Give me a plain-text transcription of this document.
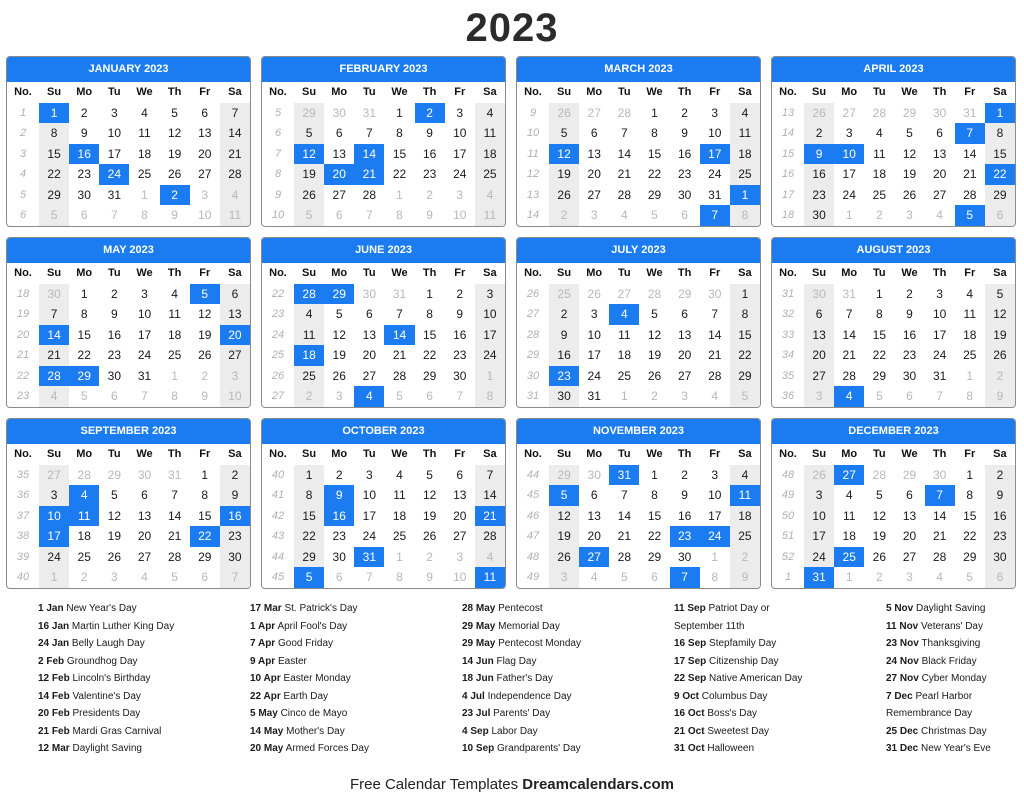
2023
JANUARY 2023
No.	Su	Mo	Tu	We	Th	Fr	Sa
1	1	2	3	4	5	6	7
2	8	9	10	11	12	13	14
3	15	16	17	18	19	20	21
4	22	23	24	25	26	27	28
5	29	30	31	1	2	3	4
6	5	6	7	8	9	10	11
FEBRUARY 2023
No.	Su	Mo	Tu	We	Th	Fr	Sa
5	29	30	31	1	2	3	4
6	5	6	7	8	9	10	11
7	12	13	14	15	16	17	18
8	19	20	21	22	23	24	25
9	26	27	28	1	2	3	4
10	5	6	7	8	9	10	11
MARCH 2023
No.	Su	Mo	Tu	We	Th	Fr	Sa
9	26	27	28	1	2	3	4
10	5	6	7	8	9	10	11
11	12	13	14	15	16	17	18
12	19	20	21	22	23	24	25
13	26	27	28	29	30	31	1
14	2	3	4	5	6	7	8
APRIL 2023
No.	Su	Mo	Tu	We	Th	Fr	Sa
13	26	27	28	29	30	31	1
14	2	3	4	5	6	7	8
15	9	10	11	12	13	14	15
16	16	17	18	19	20	21	22
17	23	24	25	26	27	28	29
18	30	1	2	3	4	5	6
MAY 2023
No.	Su	Mo	Tu	We	Th	Fr	Sa
18	30	1	2	3	4	5	6
19	7	8	9	10	11	12	13
20	14	15	16	17	18	19	20
21	21	22	23	24	25	26	27
22	28	29	30	31	1	2	3
23	4	5	6	7	8	9	10
JUNE 2023
No.	Su	Mo	Tu	We	Th	Fr	Sa
22	28	29	30	31	1	2	3
23	4	5	6	7	8	9	10
24	11	12	13	14	15	16	17
25	18	19	20	21	22	23	24
26	25	26	27	28	29	30	1
27	2	3	4	5	6	7	8
JULY 2023
No.	Su	Mo	Tu	We	Th	Fr	Sa
26	25	26	27	28	29	30	1
27	2	3	4	5	6	7	8
28	9	10	11	12	13	14	15
29	16	17	18	19	20	21	22
30	23	24	25	26	27	28	29
31	30	31	1	2	3	4	5
AUGUST 2023
No.	Su	Mo	Tu	We	Th	Fr	Sa
31	30	31	1	2	3	4	5
32	6	7	8	9	10	11	12
33	13	14	15	16	17	18	19
34	20	21	22	23	24	25	26
35	27	28	29	30	31	1	2
36	3	4	5	6	7	8	9
SEPTEMBER 2023
No.	Su	Mo	Tu	We	Th	Fr	Sa
35	27	28	29	30	31	1	2
36	3	4	5	6	7	8	9
37	10	11	12	13	14	15	16
38	17	18	19	20	21	22	23
39	24	25	26	27	28	29	30
40	1	2	3	4	5	6	7
OCTOBER 2023
No.	Su	Mo	Tu	We	Th	Fr	Sa
40	1	2	3	4	5	6	7
41	8	9	10	11	12	13	14
42	15	16	17	18	19	20	21
43	22	23	24	25	26	27	28
44	29	30	31	1	2	3	4
45	5	6	7	8	9	10	11
NOVEMBER 2023
No.	Su	Mo	Tu	We	Th	Fr	Sa
44	29	30	31	1	2	3	4
45	5	6	7	8	9	10	11
46	12	13	14	15	16	17	18
47	19	20	21	22	23	24	25
48	26	27	28	29	30	1	2
49	3	4	5	6	7	8	9
DECEMBER 2023
No.	Su	Mo	Tu	We	Th	Fr	Sa
48	26	27	28	29	30	1	2
49	3	4	5	6	7	8	9
50	10	11	12	13	14	15	16
51	17	18	19	20	21	22	23
52	24	25	26	27	28	29	30
1	31	1	2	3	4	5	6
1 Jan New Year's Day
16 Jan Martin Luther King Day
24 Jan Belly Laugh Day
2 Feb Groundhog Day
12 Feb Lincoln's Birthday
14 Feb Valentine's Day
20 Feb Presidents Day
21 Feb Mardi Gras Carnival
12 Mar Daylight Saving
17 Mar St. Patrick's Day
1 Apr April Fool's Day
7 Apr Good Friday
9 Apr Easter
10 Apr Easter Monday
22 Apr Earth Day
5 May Cinco de Mayo
14 May Mother's Day
20 May Armed Forces Day
28 May Pentecost
29 May Memorial Day
29 May Pentecost Monday
14 Jun Flag Day
18 Jun Father's Day
4 Jul Independence Day
23 Jul Parents' Day
4 Sep Labor Day
10 Sep Grandparents' Day
11 Sep Patriot Day or
September 11th
16 Sep Stepfamily Day
17 Sep Citizenship Day
22 Sep Native American Day
9 Oct Columbus Day
16 Oct Boss's Day
21 Oct Sweetest Day
31 Oct Halloween
5 Nov Daylight Saving
11 Nov Veterans' Day
23 Nov Thanksgiving
24 Nov Black Friday
27 Nov Cyber Monday
7 Dec Pearl Harbor
Remembrance Day
25 Dec Christmas Day
31 Dec New Year's Eve
Free Calendar Templates Dreamcalendars.com
